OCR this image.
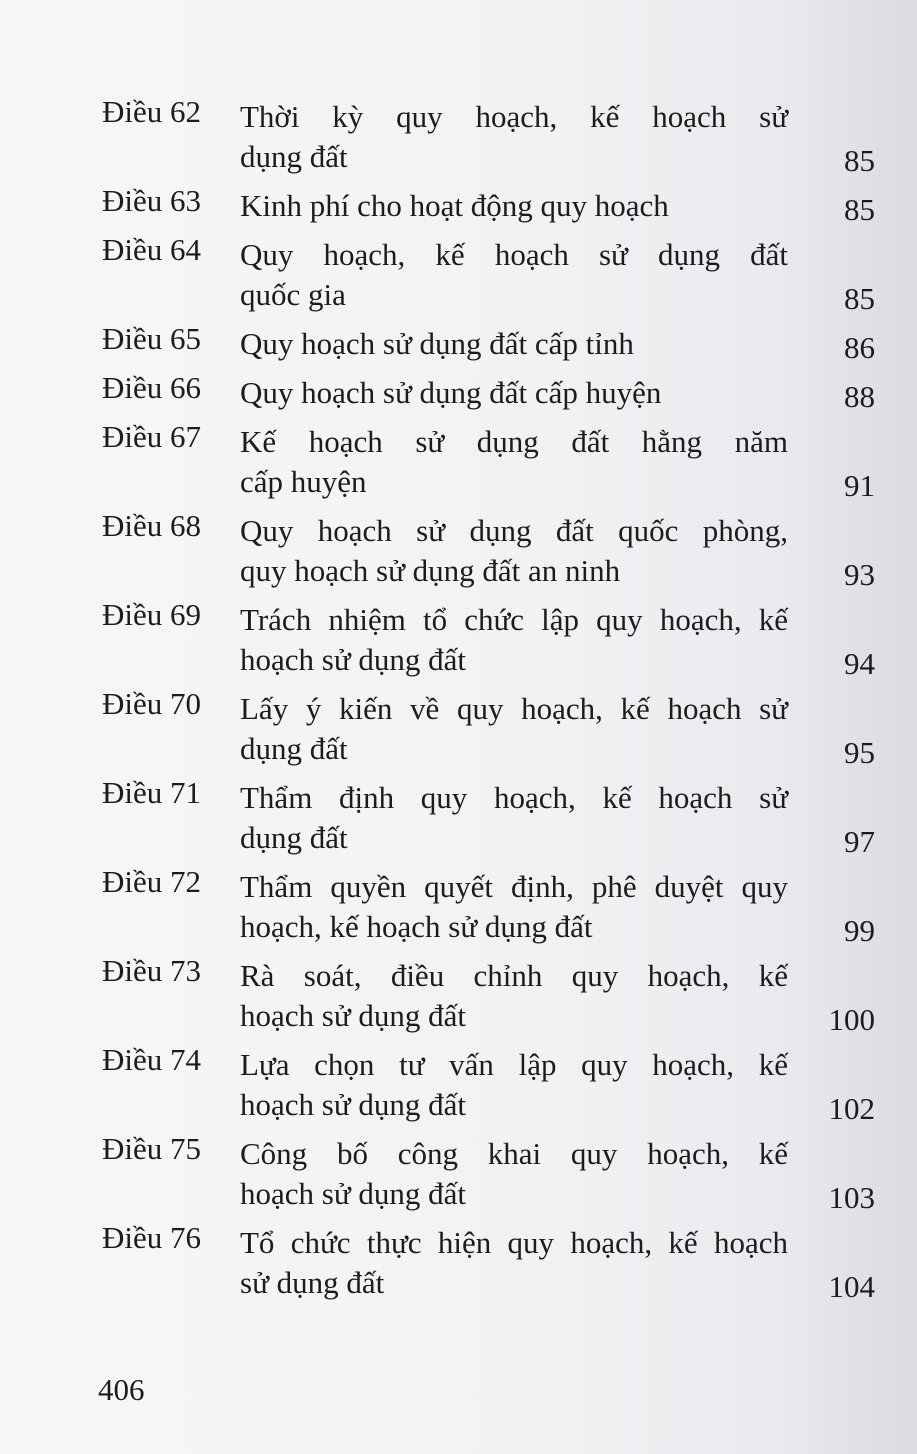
Điều 62 Thời kỳ quy hoạch, kế hoạch sử
dụng đất	85
Điều 63 Kinh phí cho hoạt động quy hoạch	85
Điều 64 Quy hoạch, kế hoạch sử dụng đất
quốc gia	85
Điều 65 Quy hoạch sử dụng đất cấp tỉnh	86
Điều 66 Quy hoạch sử dụng đất cấp huyện	88
Điều 67 Kế hoạch sử dụng đất hằng năm
cấp huyện	91
Điều 68 Quy hoạch sử dụng đất quốc phòng,
quy hoạch sử dụng đất an ninh	93
Điều 69 Trách nhiệm tổ chức lập quy hoạch, kế
hoạch sử dụng đất	94
Điều 70 Lấy ý kiến về quy hoạch, kế hoạch sử
dụng đất	95
Điều 71 Thẩm định quy hoạch, kế hoạch sử
dụng đất	97
Điều 72 Thẩm quyền quyết định, phê duyệt quy
hoạch, kế hoạch sử dụng đất	99
Điều 73 Rà soát, điều chỉnh quy hoạch, kế
hoạch sử dụng đất	100
Điều 74 Lựa chọn tư vấn lập quy hoạch, kế
hoạch sử dụng đất	102
Điều 75 Công bố công khai quy hoạch, kế
hoạch sử dụng đất	103
Điều 76 Tổ chức thực hiện quy hoạch, kế hoạch
sử dụng đất	104
406
